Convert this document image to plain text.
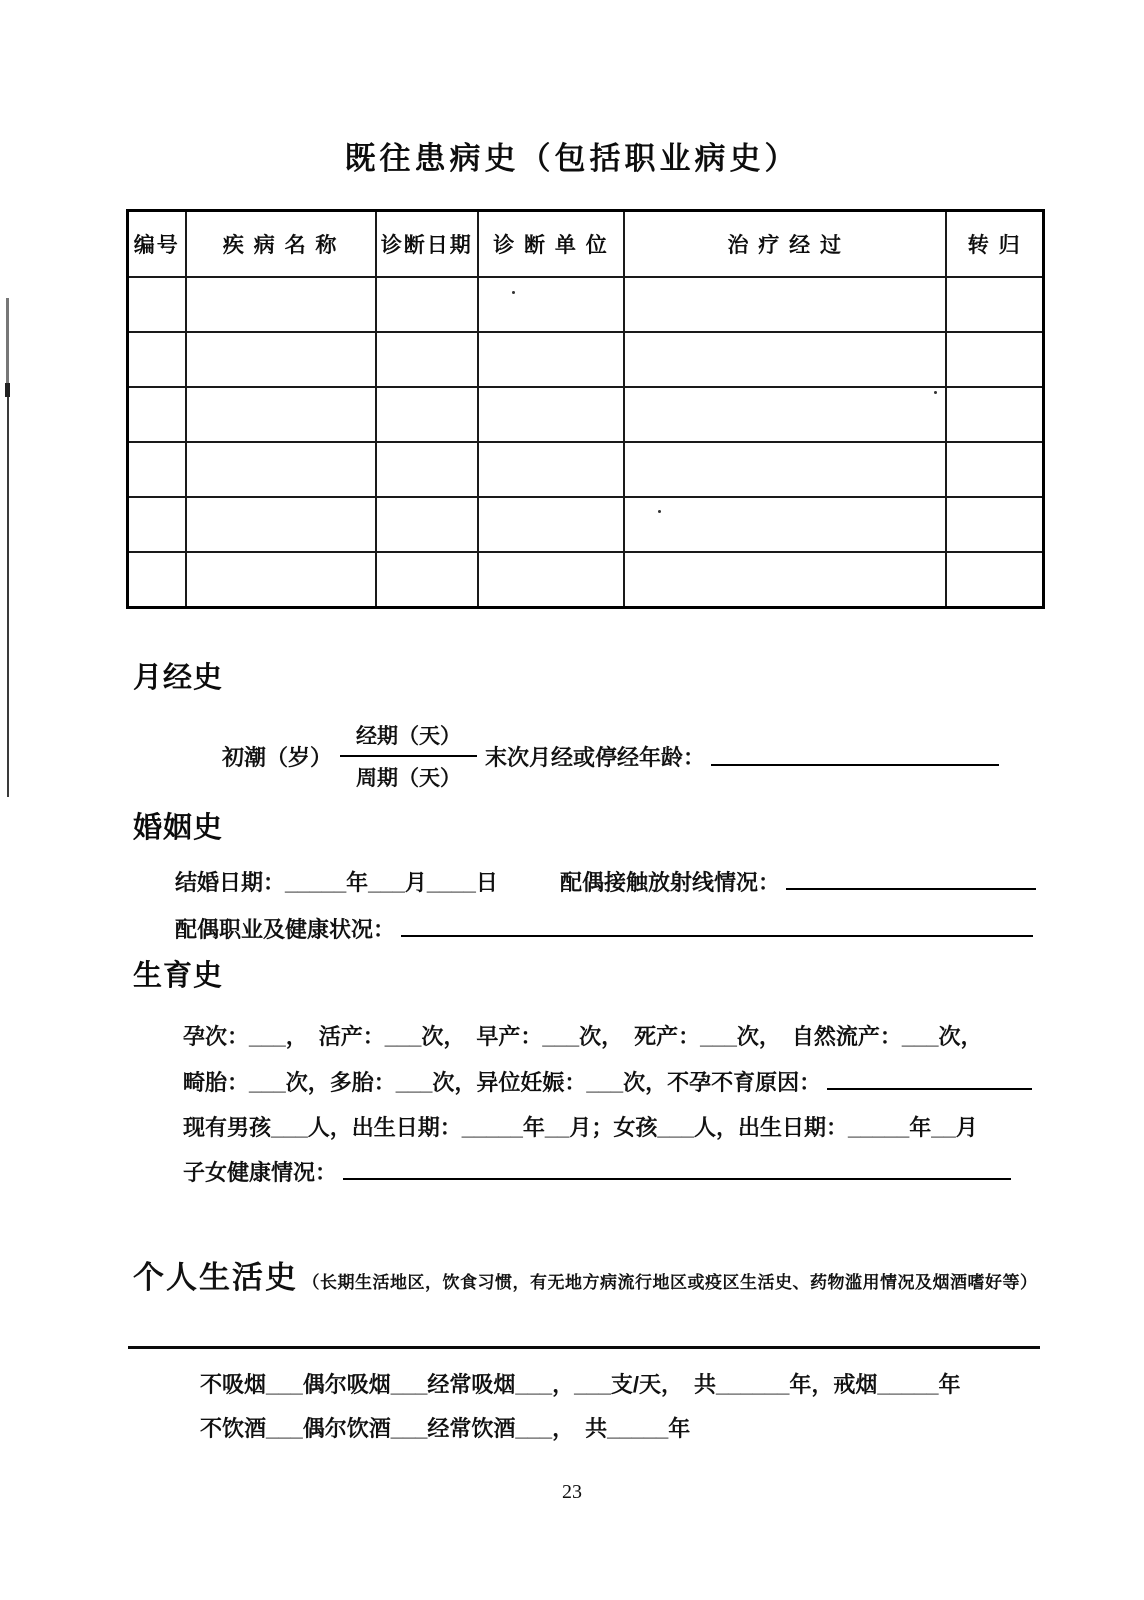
既往患病史（包括职业病史）
编号	疾 病 名 称	诊断日期	诊 断 单 位	治 疗 经 过	转 归

月经史
初潮（岁） $\frac{\text{经期（天）}}{\text{周期（天）}}$ 末次月经或停经年龄：
婚姻史
结婚日期：_____年___月____日	配偶接触放射线情况：
配偶职业及健康状况：
生育史
孕次：___，　活产：___次，　早产：___次，　死产：___次，　自然流产：___次，
畸胎：___次，多胎：___次，异位妊娠：___次，不孕不育原因：
现有男孩___人，出生日期：_____年__月；女孩___人，出生日期：_____年__月
子女健康情况：
个人生活史 （长期生活地区，饮食习惯，有无地方病流行地区或疫区生活史、药物滥用情况及烟酒嗜好等）
不吸烟___偶尔吸烟___经常吸烟___，___支/天，　共______年，戒烟_____年
不饮酒___偶尔饮酒___经常饮酒___，　共_____年
23
